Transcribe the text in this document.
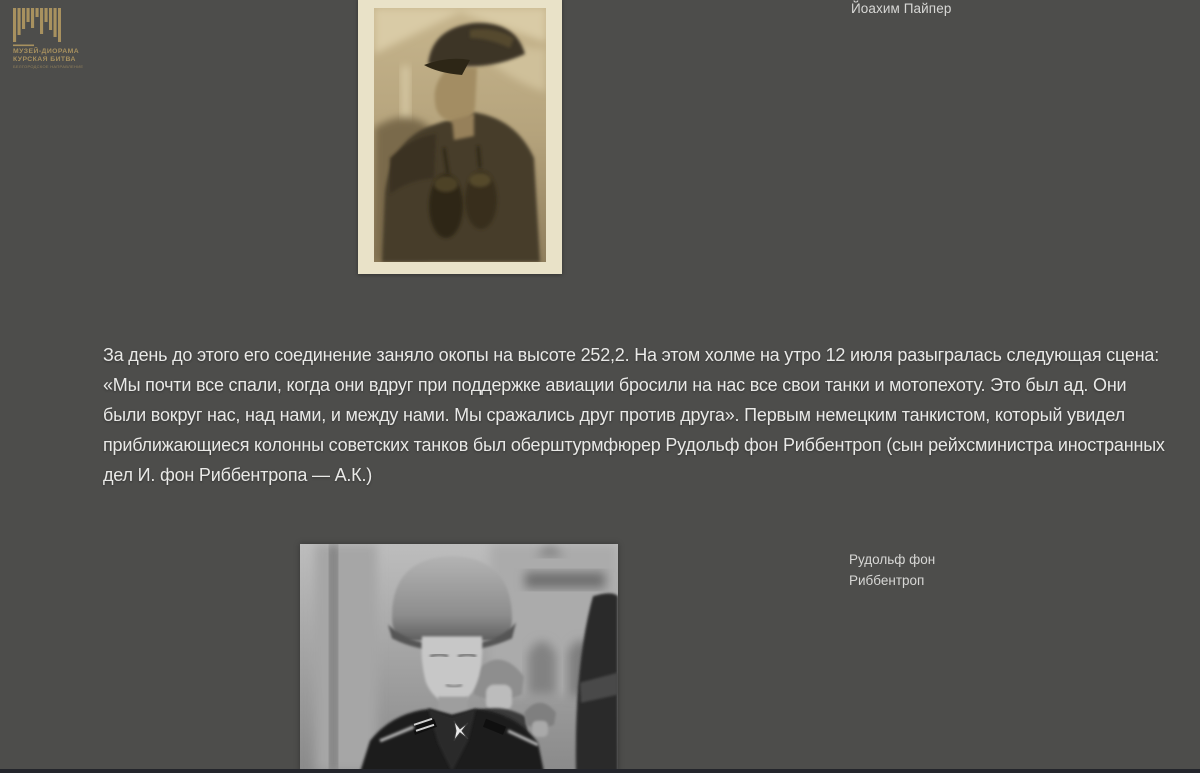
МУЗЕЙ-ДИОРАМА
КУРСКАЯ БИТВА
БЕЛГОРОДСКОЕ НАПРАВЛЕНИЕ
Йоахим Пайпер
За день до этого его соединение заняло окопы на высоте 252,2. На этом холме на утро 12 июля разыгралась следующая сцена: «Мы почти все спали, когда они вдруг при поддержке авиации бросили на нас все свои танки и мотопехоту. Это был ад. Они были вокруг нас, над нами, и между нами. Мы сражались друг против друга». Первым немецким танкистом, который увидел приближающиеся колонны советских танков был оберштурмфюрер Рудольф фон Риббентроп (сын рейхсминистра иностранных дел И. фон Риббентропа — А.К.)
Рудольф фон
Риббентроп
